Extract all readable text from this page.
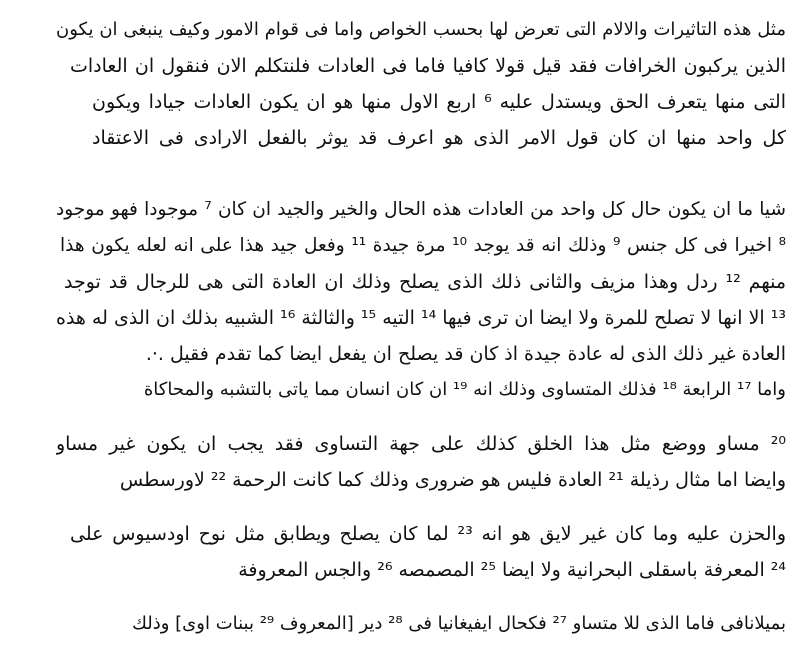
مثل هذه التاثيرات والالام التى تعرض لها بحسب الخواص واما فى قوام الامور وكيف ينبغى ان يكون
الذين يركبون الخرافات فقد قيل قولا كافيا فاما فى العادات فلنتكلم الان فنقول ان العادات
التى منها يتعرف الحق ويستدل عليه ⁶ اربع الاول منها هو ان يكون العادات جيادا ويكون
كل واحد منها ان كان قول الامر الذى هو اعرف قد يوثر بالفعل الارادى فى الاعتقاد
شيا ما ان يكون حال كل واحد من العادات هذه الحال والخير والجيد ان كان ⁷ موجودا فهو موجود
⁸ اخيرا فى كل جنس ⁹ وذلك انه قد يوجد ¹⁰ مرة جيدة ¹¹ وفعل جيد هذا على انه لعله يكون هذا
منهم ¹² ردل وهذا مزيف والثانى ذلك الذى يصلح وذلك ان العادة التى هى للرجال قد توجد
¹³ الا انها لا تصلح للمرة ولا ايضا ان ترى فيها ¹⁴ التيه ¹⁵ والثالثة ¹⁶ الشبيه بذلك ان الذى له هذه
العادة غير ذلك الذى له عادة جيدة اذ كان قد يصلح ان يفعل ايضا كما تقدم فقيل .·.
واما ¹⁷ الرابعة ¹⁸ فذلك المتساوى وذلك انه ¹⁹ ان كان انسان مما ياتى بالتشبه والمحاكاة
²⁰ مساو ووضع مثل هذا الخلق كذلك على جهة التساوى فقد يجب ان يكون غير مساو
وايضا اما مثال رذيلة ²¹ العادة فليس هو ضرورى وذلك كما كانت الرحمة ²² لاورسطس
والحزن عليه وما كان غير لايق هو انه ²³ لما كان يصلح ويطابق مثل نوح اودسيوس على
²⁴ المعرفة باسقلى البحرانية ولا ايضا ²⁵ المصمصه ²⁶ والجس المعروفة
بميلانافى فاما الذى للا متساو ²⁷ فكحال ايفيغانيا فى ²⁸ دير [المعروف ²⁹ ببنات اوى] وذلك
